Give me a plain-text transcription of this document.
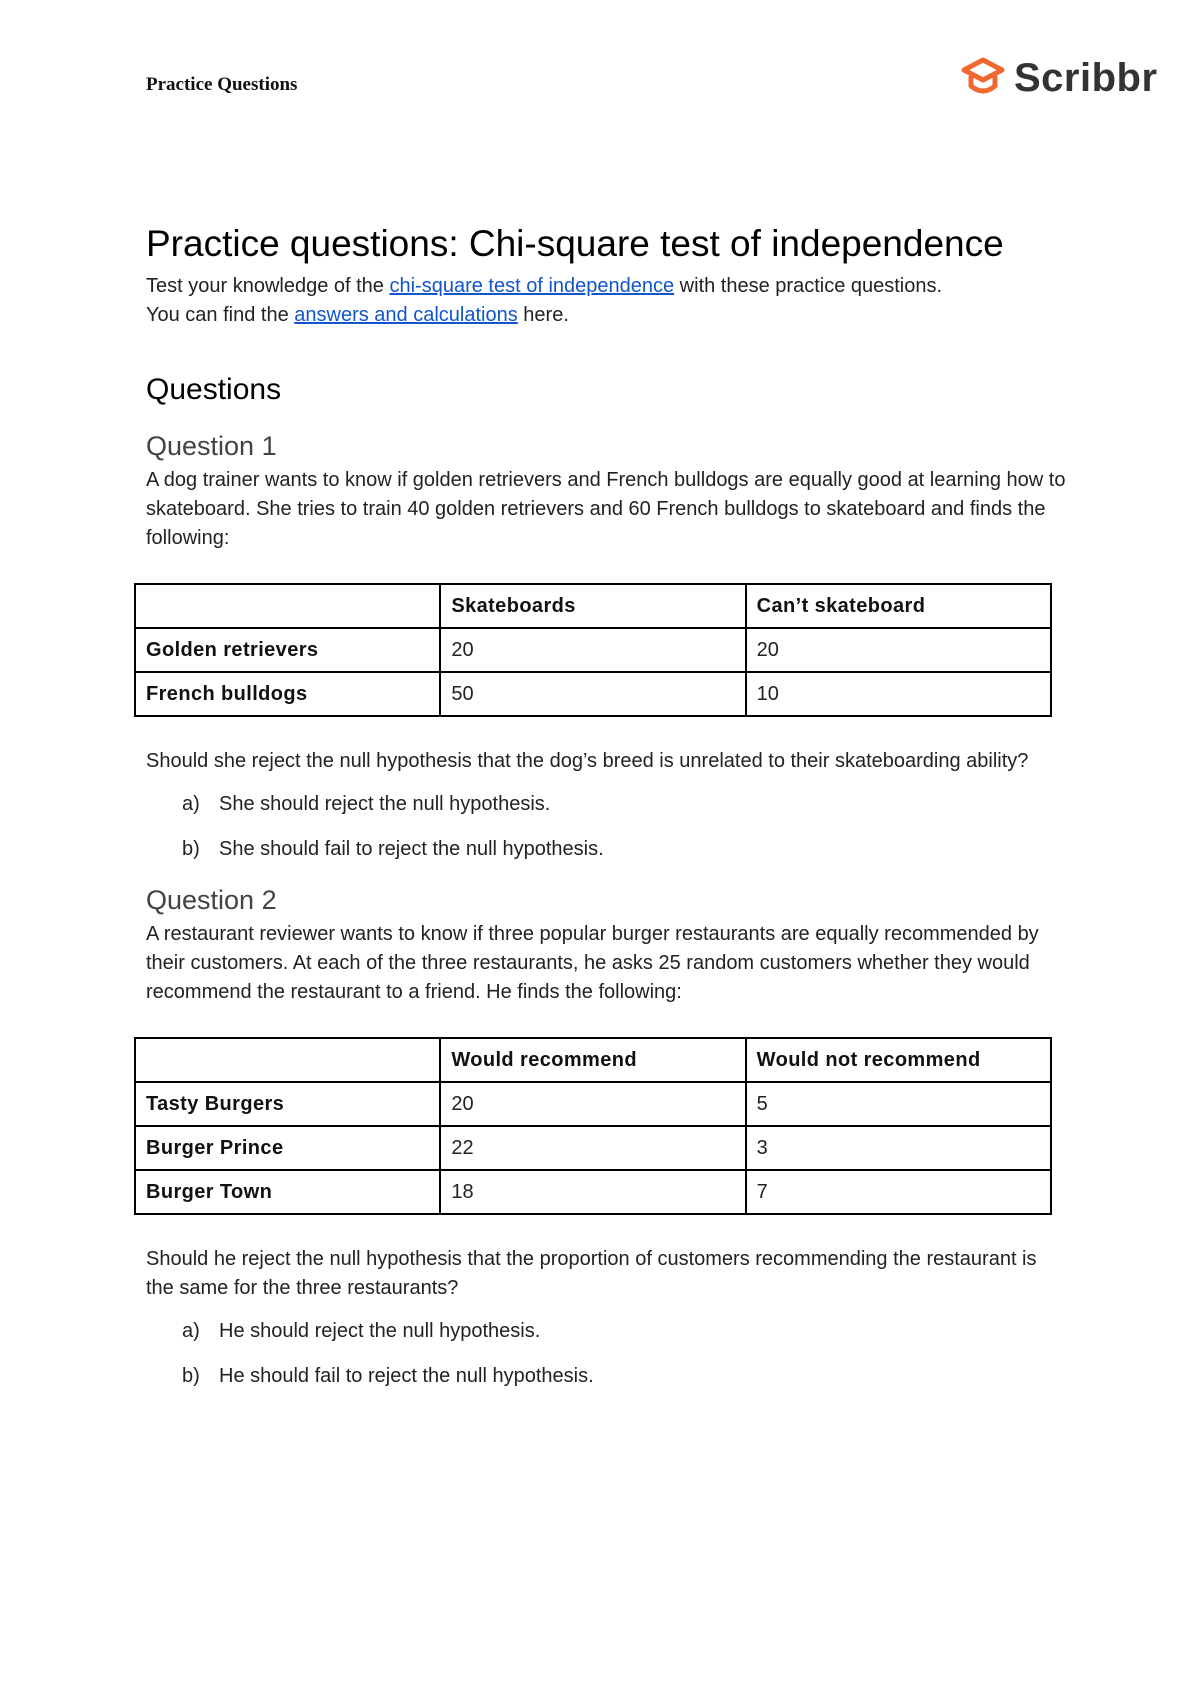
Practice Questions	Scribbr
Practice questions: Chi-square test of independence

Test your knowledge of the chi-square test of independence with these practice questions.

You can find the answers and calculations here.

Questions
Question 1

A dog trainer wants to know if golden retrievers and French bulldogs are equally good at learning how to skateboard. She tries to train 40 golden retrievers and 60 French bulldogs to skateboard and finds the following:

	Skateboards	Can’t skateboard
Golden retrievers	20	20
French bulldogs	50	10

Should she reject the null hypothesis that the dog’s breed is unrelated to their skateboarding ability?

a) She should reject the null hypothesis.
b) She should fail to reject the null hypothesis.
Question 2

A restaurant reviewer wants to know if three popular burger restaurants are equally recommended by their customers. At each of the three restaurants, he asks 25 random customers whether they would recommend the restaurant to a friend. He finds the following:

	Would recommend	Would not recommend
Tasty Burgers	20	5
Burger Prince	22	3
Burger Town	18	7

Should he reject the null hypothesis that the proportion of customers recommending the restaurant is the same for the three restaurants?

a) He should reject the null hypothesis.
b) He should fail to reject the null hypothesis.
